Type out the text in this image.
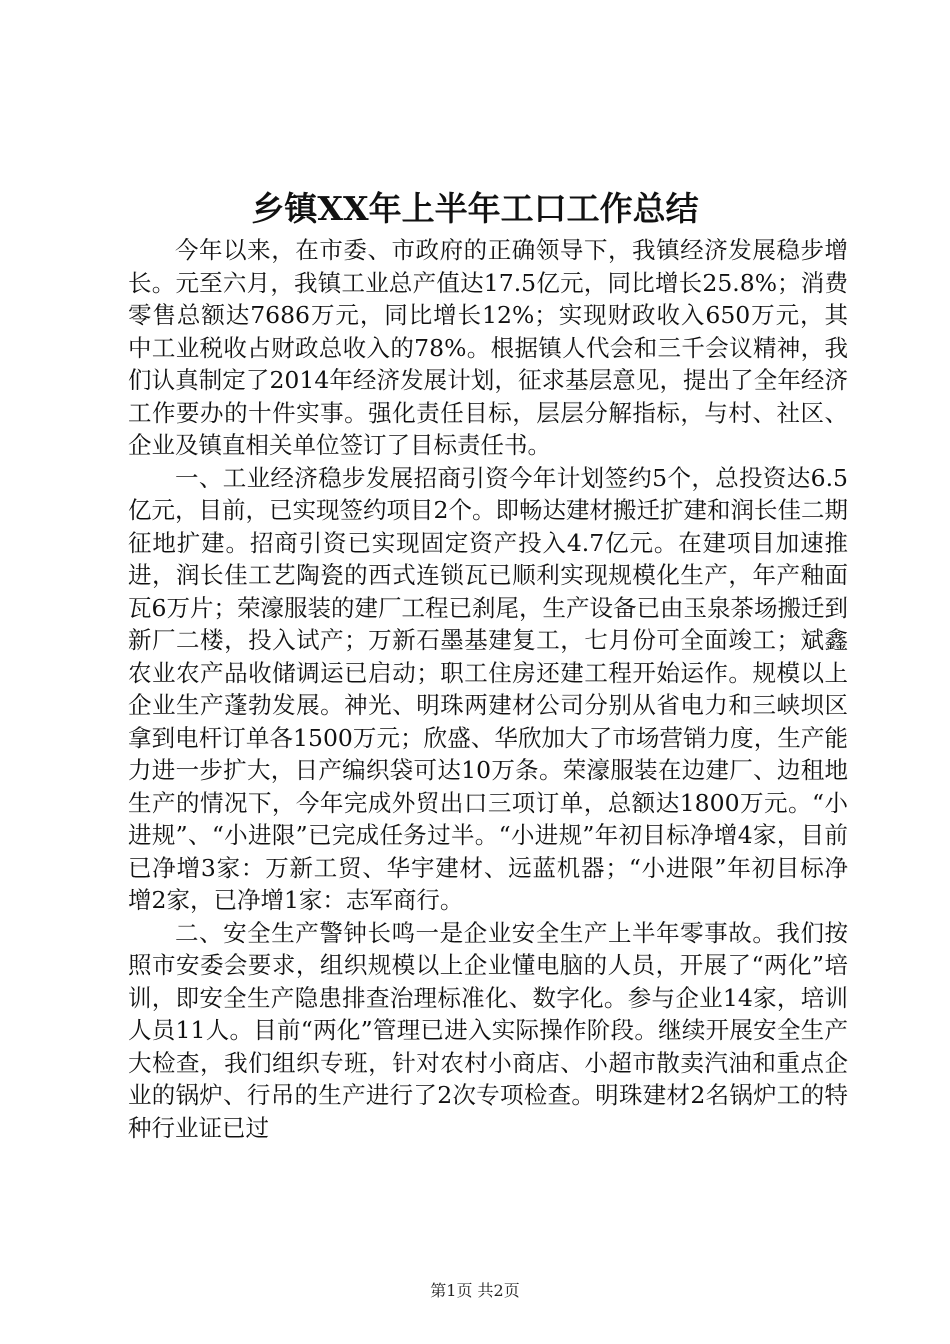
乡镇XX年上半年工口工作总结

今年以来，在市委、市政府的正确领导下，我镇经济发展稳步增长。元至六月，我镇工业总产值达17.5亿元，同比增长25.8%；消费零售总额达7686万元，同比增长12%；实现财政收入650万元，其中工业税收占财政总收入的78%。根据镇人代会和三千会议精神，我们认真制定了2014年经济发展计划，征求基层意见，提出了全年经济工作要办的十件实事。强化责任目标，层层分解指标，与村、社区、企业及镇直相关单位签订了目标责任书。

一、工业经济稳步发展招商引资今年计划签约5个，总投资达6.5亿元，目前，已实现签约项目2个。即畅达建材搬迁扩建和润长佳二期征地扩建。招商引资已实现固定资产投入4.7亿元。在建项目加速推进，润长佳工艺陶瓷的西式连锁瓦已顺利实现规模化生产，年产釉面瓦6万片；荣濠服装的建厂工程已刹尾，生产设备已由玉泉茶场搬迁到新厂二楼，投入试产；万新石墨基建复工，七月份可全面竣工；斌鑫农业农产品收储调运已启动；职工住房还建工程开始运作。规模以上企业生产蓬勃发展。神光、明珠两建材公司分别从省电力和三峡坝区拿到电杆订单各1500万元；欣盛、华欣加大了市场营销力度，生产能力进一步扩大，日产编织袋可达10万条。荣濠服装在边建厂、边租地生产的情况下，今年完成外贸出口三项订单，总额达1800万元。“小进规”、“小进限”已完成任务过半。“小进规”年初目标净增4家，目前已净增3家：万新工贸、华宇建材、远蓝机器；“小进限”年初目标净增2家，已净增1家：志军商行。

二、安全生产警钟长鸣一是企业安全生产上半年零事故。我们按照市安委会要求，组织规模以上企业懂电脑的人员，开展了“两化”培训，即安全生产隐患排查治理标准化、数字化。参与企业14家，培训人员11人。目前“两化”管理已进入实际操作阶段。继续开展安全生产大检查，我们组织专班，针对农村小商店、小超市散卖汽油和重点企业的锅炉、行吊的生产进行了2次专项检查。明珠建材2名锅炉工的特种行业证已过

第1页 共2页
